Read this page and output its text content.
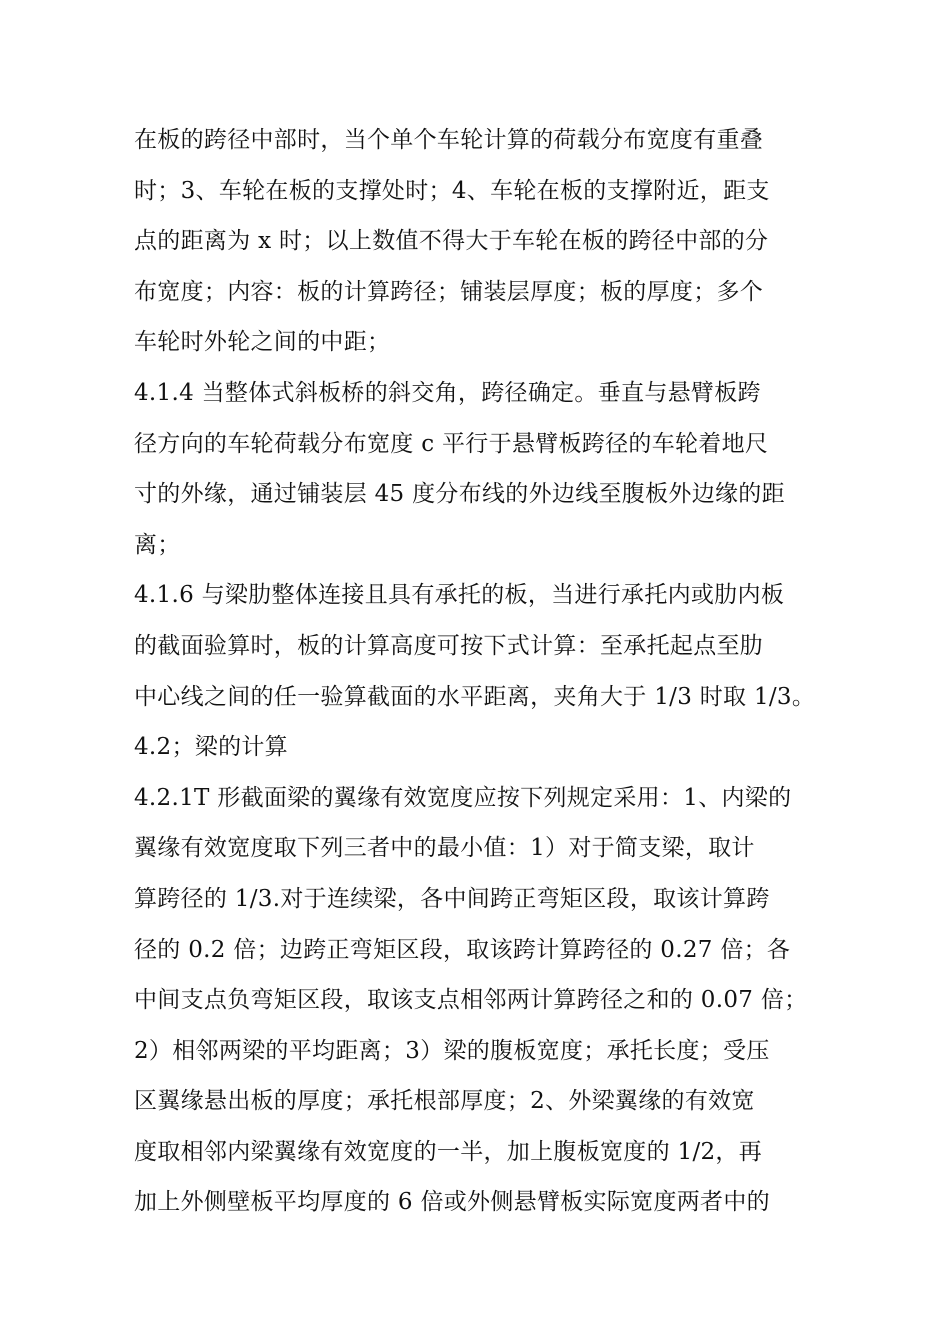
在板的跨径中部时，当个单个车轮计算的荷载分布宽度有重叠
时；3、车轮在板的支撑处时；4、车轮在板的支撑附近，距支
点的距离为 x 时；以上数值不得大于车轮在板的跨径中部的分
布宽度；内容：板的计算跨径；铺装层厚度；板的厚度；多个
车轮时外轮之间的中距；
4.1.4 当整体式斜板桥的斜交角，跨径确定。垂直与悬臂板跨
径方向的车轮荷载分布宽度 c 平行于悬臂板跨径的车轮着地尺
寸的外缘，通过铺装层 45 度分布线的外边线至腹板外边缘的距
离；
4.1.6 与梁肋整体连接且具有承托的板，当进行承托内或肋内板
的截面验算时，板的计算高度可按下式计算：至承托起点至肋
中心线之间的任一验算截面的水平距离，夹角大于 1/3 时取 1/3。
4.2；梁的计算
4.2.1T 形截面梁的翼缘有效宽度应按下列规定采用：1、内梁的
翼缘有效宽度取下列三者中的最小值：1）对于简支梁，取计
算跨径的 1/3.对于连续梁，各中间跨正弯矩区段，取该计算跨
径的 0.2 倍；边跨正弯矩区段，取该跨计算跨径的 0.27 倍；各
中间支点负弯矩区段，取该支点相邻两计算跨径之和的 0.07 倍；
2）相邻两梁的平均距离；3）梁的腹板宽度；承托长度；受压
区翼缘悬出板的厚度；承托根部厚度；2、外梁翼缘的有效宽
度取相邻内梁翼缘有效宽度的一半，加上腹板宽度的 1/2，再
加上外侧壁板平均厚度的 6 倍或外侧悬臂板实际宽度两者中的
